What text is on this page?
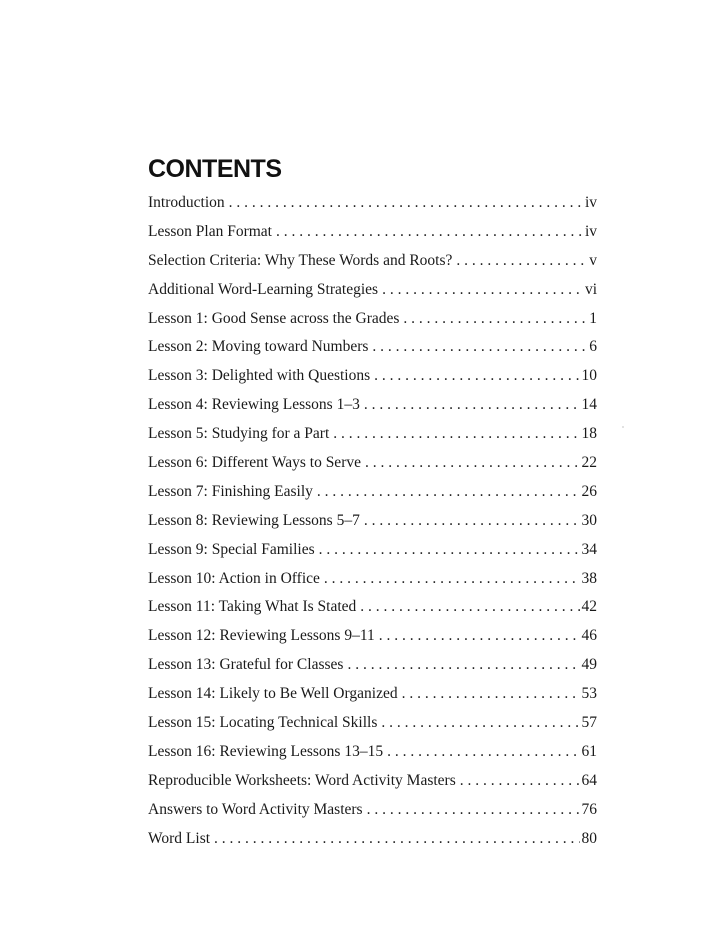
CONTENTS
Introduction . . .	iv
Lesson Plan Format . . .	iv
Selection Criteria: Why These Words and Roots? . . .	v
Additional Word-Learning Strategies . . .	vi
Lesson 1: Good Sense across the Grades . . .	1
Lesson 2: Moving toward Numbers . . .	6
Lesson 3: Delighted with Questions . . .	10
Lesson 4: Reviewing Lessons 1–3 . . .	14
Lesson 5: Studying for a Part . . .	18
Lesson 6: Different Ways to Serve . . .	22
Lesson 7: Finishing Easily . . .	26
Lesson 8: Reviewing Lessons 5–7 . . .	30
Lesson 9: Special Families . . .	34
Lesson 10: Action in Office . . .	38
Lesson 11: Taking What Is Stated . . .	42
Lesson 12: Reviewing Lessons 9–11 . . .	46
Lesson 13: Grateful for Classes . . .	49
Lesson 14: Likely to Be Well Organized . . .	53
Lesson 15: Locating Technical Skills . . .	57
Lesson 16: Reviewing Lessons 13–15 . . .	61
Reproducible Worksheets: Word Activity Masters . . .	64
Answers to Word Activity Masters . . .	76
Word List . . .	80
